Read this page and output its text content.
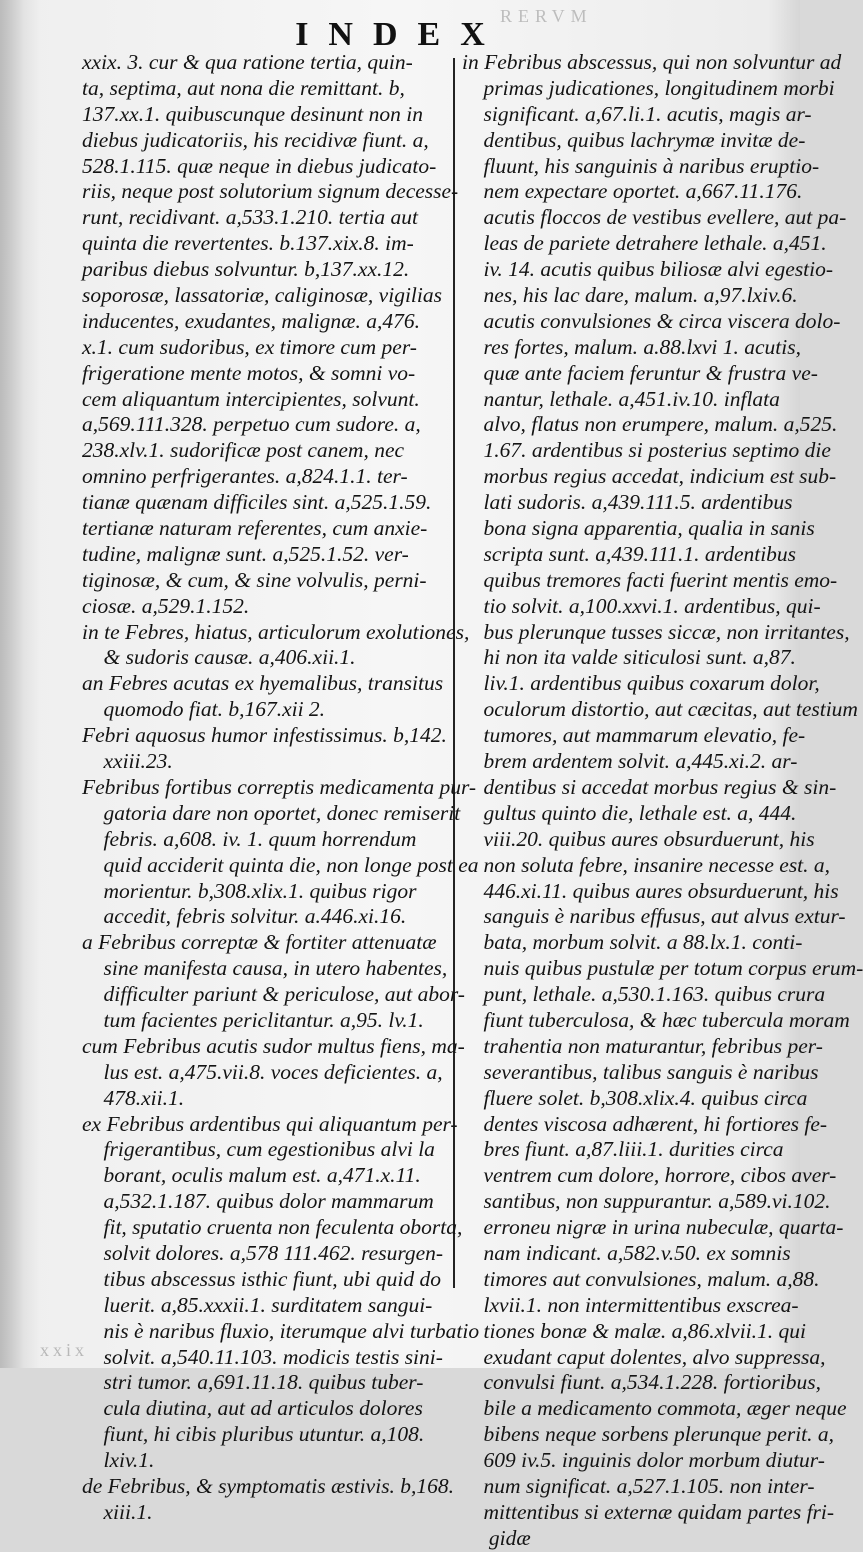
RERVM
INDEX
xxix. 3. cur & qua ratione tertia, quin-
ta, septima, aut nona die remittant. b,
137.xx.1. quibuscunque desinunt non in
diebus judicatoriis, his recidivæ fiunt. a,
528.1.115. quæ neque in diebus judicato-
riis, neque post solutorium signum decesse-
runt, recidivant. a,533.1.210. tertia aut
quinta die revertentes. b.137.xix.8. im-
paribus diebus solvuntur. b,137.xx.12.
soporosæ, lassatoriæ, caliginosæ, vigilias
inducentes, exudantes, malignæ. a,476.
x.1. cum sudoribus, ex timore cum per-
frigeratione mente motos, & somni vo-
cem aliquantum intercipientes, solvunt.
a,569.111.328. perpetuo cum sudore. a,
238.xlv.1. sudorificæ post canem, nec
omnino perfrigerantes. a,824.1.1. ter-
tianæ quænam difficiles sint. a,525.1.59.
tertianæ naturam referentes, cum anxie-
tudine, malignæ sunt. a,525.1.52. ver-
tiginosæ, & cum, & sine volvulis, perni-
ciosæ. a,529.1.152.
in te Febres, hiatus, articulorum exolutiones,
 & sudoris causæ. a,406.xii.1.
an Febres acutas ex hyemalibus, transitus
 quomodo fiat. b,167.xii 2.
Febri aquosus humor infestissimus. b,142.
 xxiii.23.
Febribus fortibus correptis medicamenta pur-
 gatoria dare non oportet, donec remiserit
 febris. a,608. iv. 1. quum horrendum
 quid acciderit quinta die, non longe post ea
 morientur. b,308.xlix.1. quibus rigor
 accedit, febris solvitur. a.446.xi.16.
a Febribus correptæ & fortiter attenuatæ
 sine manifesta causa, in utero habentes,
 difficulter pariunt & periculose, aut abor-
 tum facientes periclitantur. a,95. lv.1.
cum Febribus acutis sudor multus fiens, ma-
 lus est. a,475.vii.8. voces deficientes. a,
 478.xii.1.
ex Febribus ardentibus qui aliquantum per-
 frigerantibus, cum egestionibus alvi la
 borant, oculis malum est. a,471.x.11.
 a,532.1.187. quibus dolor mammarum
 fit, sputatio cruenta non feculenta oborta,
 solvit dolores. a,578 111.462. resurgen-
 tibus abscessus isthic fiunt, ubi quid do
 luerit. a,85.xxxii.1. surditatem sangui-
 nis è naribus fluxio, iterumque alvi turbatio
 solvit. a,540.11.103. modicis testis sini-
 stri tumor. a,691.11.18. quibus tuber-
 cula diutina, aut ad articulos dolores
 fiunt, hi cibis pluribus utuntur. a,108.
 lxiv.1.
de Febribus, & symptomatis æstivis. b,168.
 xiii.1.
in Febribus abscessus, qui non solvuntur ad
 primas judicationes, longitudinem morbi
 significant. a,67.li.1. acutis, magis ar-
 dentibus, quibus lachrymæ invitæ de-
 fluunt, his sanguinis à naribus eruptio-
 nem expectare oportet. a,667.11.176.
 acutis floccos de vestibus evellere, aut pa-
 leas de pariete detrahere lethale. a,451.
 iv. 14. acutis quibus biliosæ alvi egestio-
 nes, his lac dare, malum. a,97.lxiv.6.
 acutis convulsiones & circa viscera dolo-
 res fortes, malum. a.88.lxvi 1. acutis,
 quæ ante faciem feruntur & frustra ve-
 nantur, lethale. a,451.iv.10. inflata
 alvo, flatus non erumpere, malum. a,525.
 1.67. ardentibus si posterius septimo die
 morbus regius accedat, indicium est sub-
 lati sudoris. a,439.111.5. ardentibus
 bona signa apparentia, qualia in sanis
 scripta sunt. a,439.111.1. ardentibus
 quibus tremores facti fuerint mentis emo-
 tio solvit. a,100.xxvi.1. ardentibus, qui-
 bus plerunque tusses siccæ, non irritantes,
 hi non ita valde siticulosi sunt. a,87.
 liv.1. ardentibus quibus coxarum dolor,
 oculorum distortio, aut cæcitas, aut testium
 tumores, aut mammarum elevatio, fe-
 brem ardentem solvit. a,445.xi.2. ar-
 dentibus si accedat morbus regius & sin-
 gultus quinto die, lethale est. a, 444.
 viii.20. quibus aures obsurduerunt, his
 non soluta febre, insanire necesse est. a,
 446.xi.11. quibus aures obsurduerunt, his
 sanguis è naribus effusus, aut alvus extur-
 bata, morbum solvit. a 88.lx.1. conti-
 nuis quibus pustulæ per totum corpus erum-
 punt, lethale. a,530.1.163. quibus crura
 fiunt tuberculosa, & hæc tubercula moram
 trahentia non maturantur, febribus per-
 severantibus, talibus sanguis è naribus
 fluere solet. b,308.xlix.4. quibus circa
 dentes viscosa adhærent, hi fortiores fe-
 bres fiunt. a,87.liii.1. durities circa
 ventrem cum dolore, horrore, cibos aver-
 santibus, non suppurantur. a,589.vi.102.
 erroneu nigræ in urina nubeculæ, quarta-
 nam indicant. a,582.v.50. ex somnis
 timores aut convulsiones, malum. a,88.
 lxvii.1. non intermittentibus exscrea-
 tiones bonæ & malæ. a,86.xlvii.1. qui
 exudant caput dolentes, alvo suppressa,
 convulsi fiunt. a,534.1.228. fortioribus,
 bile a medicamento commota, æger neque
 bibens neque sorbens plerunque perit. a,
 609 iv.5. inguinis dolor morbum diutur-
 num significat. a,527.1.105. non inter-
 mittentibus si externæ quidam partes fri-
  gidæ
xxix
